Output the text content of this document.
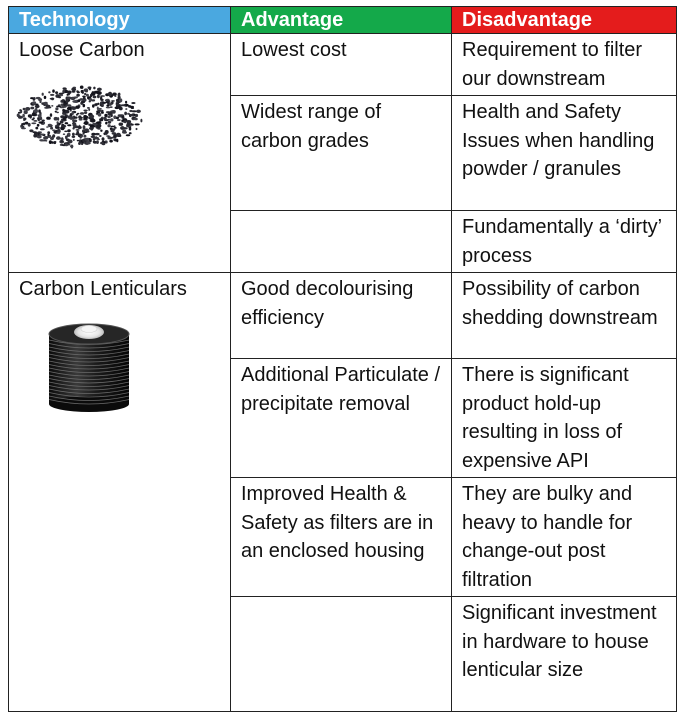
Technology	Advantage	Disadvantage

Loose Carbon	Lowest cost	Requirement to filter our downstream
	Widest range of carbon grades	Health and Safety Issues when handling powder / granules
		Fundamentally a ‘dirty’ process

Carbon Lenticulars	Good decolourising efficiency	Possibility of carbon shedding downstream
	Additional Particulate / precipitate removal	There is significant product hold-up resulting in loss of expensive API
	Improved Health & Safety as filters are in an enclosed housing	They are bulky and heavy to handle for change-out post filtration
		Significant investment in hardware to house lenticular size
